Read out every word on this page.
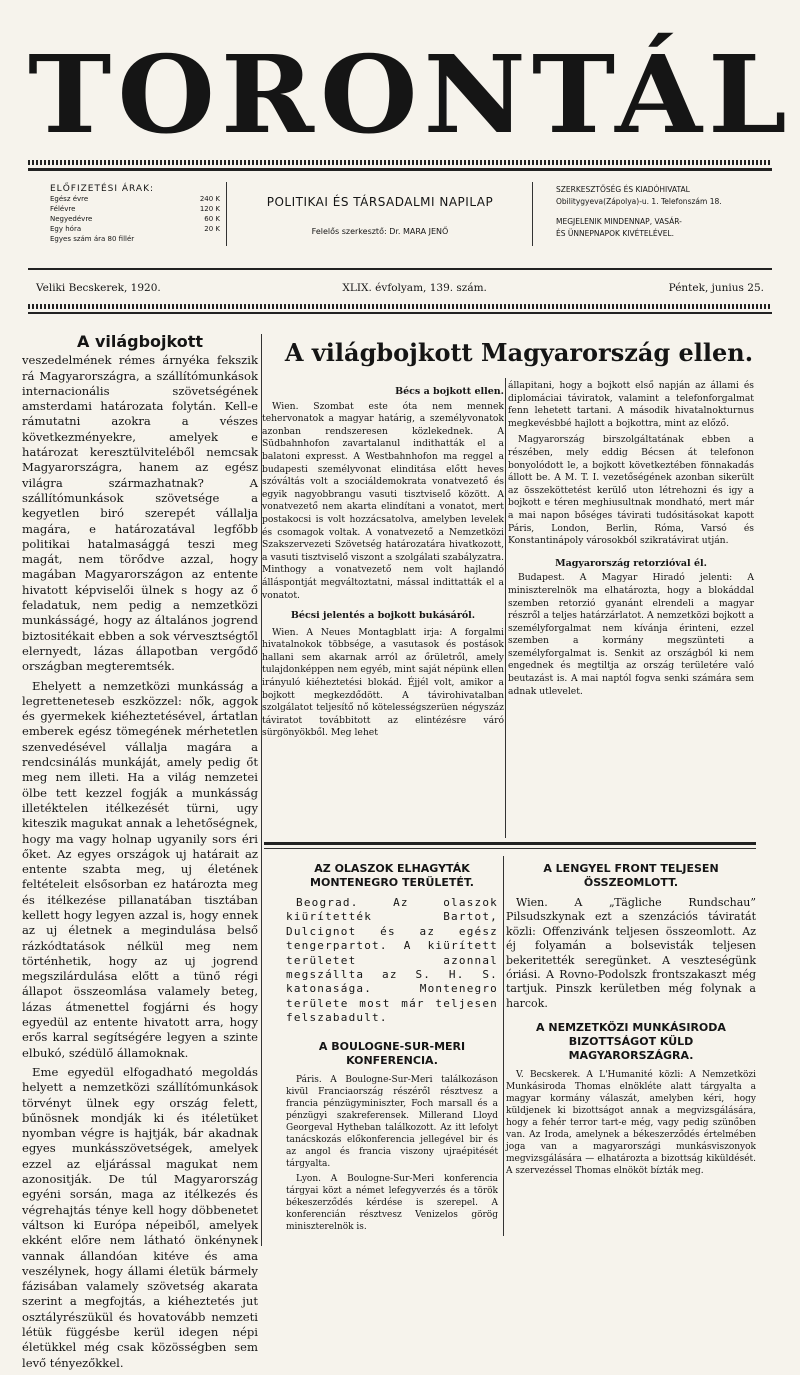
TORONTÁL
ELŐFIZETÉSI ÁRAK:
Egész évre	240 K
Félévre	120 K
Negyedévre	60 K
Egy hóra	20 K
Egyes szám ára 80 fillér
POLITIKAI ÉS TÁRSADALMI NAPILAP
Felelős szerkesztő: Dr. MARA JENŐ
SZERKESZTŐSÉG ÉS KIADÓHIVATAL
Obilitygyeva(Zápolya)-u. 1. Telefonszám 18.
MEGJELENIK MINDENNAP, VASÁR-
ÉS ÜNNEPNAPOK KIVÉTELÉVEL.
Veliki Becskerek, 1920.	XLIX. évfolyam, 139. szám.	Péntek, junius 25.
A világbojkott

veszedelmének rémes árnyéka fekszik rá Magyarországra, a szállítómunkások internacionális szövetségének amsterdami határozata folytán. Kell-e rámutatni azokra a vészes következményekre, amelyek e határozat keresztülviteléből nemcsak Magyarországra, hanem az egész világra származhatnak? A szállítómunkások szövetsége a kegyetlen biró szerepét vállalja magára, e határozatával legfőbb politikai hatalmasággá teszi meg magát, nem törődve azzal, hogy magában Magyarországon az entente hivatott képviselői ülnek s hogy az ő feladatuk, nem pedig a nemzetközi munkásságé, hogy az általános jogrend biztositékait ebben a sok vérvesztségtől elernyedt, lázas állapotban vergődő országban megteremtsék.

Ehelyett a nemzetközi munkásság a legretteneteseb eszközzel: nők, aggok és gyermekek kiéheztetésével, ártatlan emberek egész tömegének mérhetetlen szenvedésével vállalja magára a rendcsinálás munkáját, amely pedig őt meg nem illeti. Ha a világ nemzetei ölbe tett kezzel fogják a munkásság illetéktelen itélkezését türni, ugy kiteszik magukat annak a lehetőségnek, hogy ma vagy holnap ugyanily sors éri őket. Az egyes országok uj határait az entente szabta meg, uj életének feltételeit elsősorban ez határozta meg és itélkezése pillanatában tisztában kellett hogy legyen azzal is, hogy ennek az uj életnek a megindulása belső rázkódtatások nélkül meg nem történhetik, hogy az uj jogrend megszilárdulása előtt a tünő régi állapot összeomlása valamely beteg, lázas átmenettel fogjárni és hogy egyedül az entente hivatott arra, hogy erős karral segítségére legyen a szinte elbukó, szédülő államoknak.

Eme egyedül elfogadható megoldás helyett a nemzetközi szállítómunkások törvényt ülnek egy ország felett, bűnösnek mondják ki és itéletüket nyomban végre is hajtják, bár akadnak egyes munkásszövetségek, amelyek ezzel az eljárással magukat nem azonositják. De túl Magyarország egyéni sorsán, maga az itélkezés és végrehajtás ténye kell hogy döbbenetet váltson ki Európa népeiből, amelyek ekként előre nem látható önkénynek vannak állandóan kitéve és ama veszélynek, hogy állami életük bármely fázisában valamely szövetség akarata szerint a megfojtás, a kiéheztetés jut osztályrészükül és hovatovább nemzeti létük függésbe kerül idegen népi életükkel még csak közösségben sem levő tényezőkkel.

A világbojkott Magyarország ellen.
Bécs a bojkott ellen.

Wien. Szombat este óta nem mennek tehervonatok a magyar határig, a személyvonatok azonban rendszeresen közlekednek. A Südbahnhofon zavartalanul indithatták el a balatoni expresst. A Westbahnhofon ma reggel a budapesti személyvonat elinditása előtt heves szóváltás volt a szociáldemokrata vonatvezető és egyik nagyobbrangu vasuti tisztviselő között. A vonatvezető nem akarta elindítani a vonatot, mert postakocsi is volt hozzácsatolva, amelyben levelek és csomagok voltak. A vonatvezető a Nemzetközi Szakszervezeti Szövetség határozatára hivatkozott, a vasuti tisztviselő viszont a szolgálati szabályzatra. Minthogy a vonatvezető nem volt hajlandó álláspontját megváltoztatni, mással indittatták el a vonatot.

Bécsi jelentés a bojkott bukásáról.

Wien. A Neues Montagblatt irja: A forgalmi hivatalnokok többsége, a vasutasok és postások hallani sem akarnak arról az őrületről, amely tulajdonképpen nem egyéb, mint saját népünk ellen irányuló kiéheztetési blokád. Éjjél volt, amikor a bojkott megkezdődött. A távirohivatalban szolgálatot teljesítő nő kötelességszerüen négyszáz táviratot továbbitott az elintézésre váró sürgönyökből. Meg lehet

állapitani, hogy a bojkott első napján az állami és diplomáciai táviratok, valamint a telefonforgalmat fenn lehetett tartani. A második hivatalnokturnus megkevésbbé hajlott a bojkottra, mint az előző.

Magyarország birszolgáltatának ebben a részében, mely eddig Bécsen át telefonon bonyolódott le, a bojkott következtében fönnakadás állott be. A M. T. I. vezetőségének azonban sikerült az összeköttetést kerülő uton létrehozni és igy a bojkott e téren meghiusultnak mondható, mert már a mai napon bőséges távirati tudósitásokat kapott Páris, London, Berlin, Róma, Varsó és Konstantinápoly városokból szikratávirat utján.

Magyarország retorzióval él.

Budapest. A Magyar Hiradó jelenti: A miniszterelnök ma elhatározta, hogy a blokáddal szemben retorzió gyanánt elrendeli a magyar részről a teljes határzárlatot. A nemzetközi bojkott a személyforgalmat nem kívánja érinteni, ezzel szemben a kormány megszünteti a személyforgalmat is. Senkit az országból ki nem engednek és megtiltja az ország területére való beutazást is. A mai naptól fogva senki számára sem adnak utlevelet.

AZ OLASZOK ELHAGYTÁK MONTENEGRO TERÜLETÉT.

Beograd. Az olaszok kiürítették Bartot, Dulcignot és az egész tengerpartot. A kiürített területet azonnal megszállta az S. H. S. katonasága. Montenegro területe most már teljesen felszabadult.

A BOULOGNE-SUR-MERI KONFERENCIA.

Páris. A Boulogne-Sur-Meri találkozáson kivül Franciaország részéről résztvesz a francia pénzügyminiszter, Foch marsall és a pénzügyi szakreferensek. Millerand Lloyd Georgeval Hytheban találkozott. Az itt lefolyt tanácskozás előkonferencia jellegével bir és az angol és francia viszony ujraépitését tárgyalta.

Lyon. A Boulogne-Sur-Meri konferencia tárgyai közt a német lefegyverzés és a török békeszerződés kérdése is szerepel. A konferencián résztvesz Venizelos görög miniszterelnök is.

A LENGYEL FRONT TELJESEN ÖSSZEOMLOTT.

Wien. A „Tägliche Rundschau” Pilsudszkynak ezt a szenzációs táviratát közli: Offenzivánk teljesen összeomlott. Az éj folyamán a bolsevisták teljesen bekeritették seregünket. A veszteségünk óriási. A Rovno-Podolszk frontszakaszt még tartjuk. Pinszk kerületben még folynak a harcok.

A NEMZETKÖZI MUNKÁSIRODA BIZOTTSÁGOT KÜLD MAGYARORSZÁGRA.

V. Becskerek. A L'Humanité közli: A Nemzetközi Munkásiroda Thomas elnökléte alatt tárgyalta a magyar kormány válaszát, amelyben kéri, hogy küldjenek ki bizottságot annak a megvizsgálására, hogy a fehér terror tart-e még, vagy pedig szünőben van. Az Iroda, amelynek a békeszerződés értelmében joga van a magyarországi munkásviszonyok megvizsgálására — elhatározta a bizottság kiküldését. A szervezéssel Thomas elnököt bízták meg.
